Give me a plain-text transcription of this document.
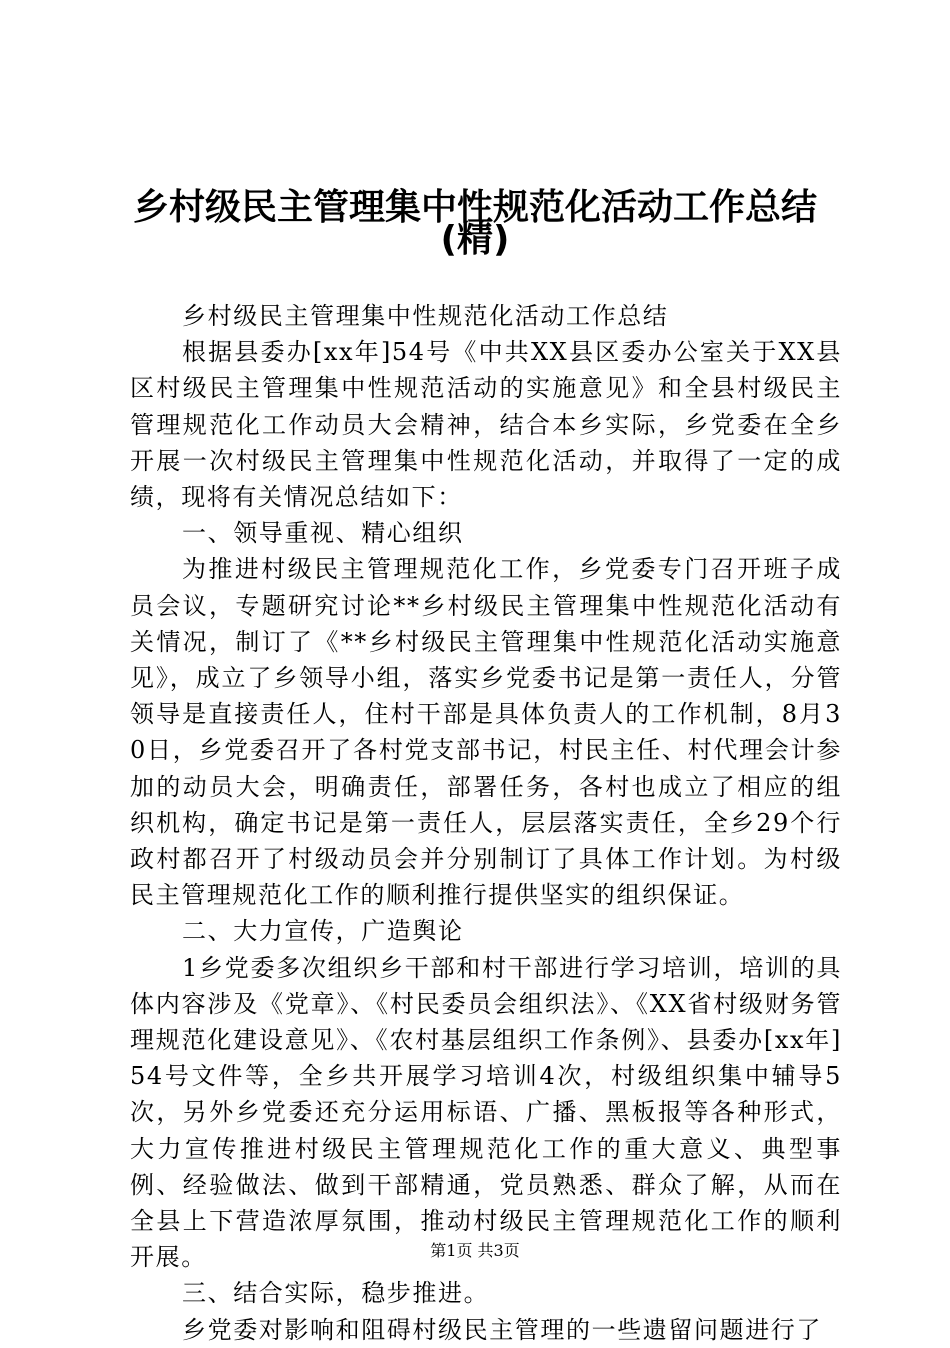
乡村级民主管理集中性规范化活动工作总结
(精)

乡村级民主管理集中性规范化活动工作总结

根据县委办[xx年]54号《中共XX县区委办公室关于XX县区村级民主管理集中性规范活动的实施意见》和全县村级民主管理规范化工作动员大会精神，结合本乡实际，乡党委在全乡开展一次村级民主管理集中性规范化活动，并取得了一定的成绩，现将有关情况总结如下：

一、领导重视、精心组织

为推进村级民主管理规范化工作，乡党委专门召开班子成员会议，专题研究讨论**乡村级民主管理集中性规范化活动有关情况，制订了《**乡村级民主管理集中性规范化活动实施意见》，成立了乡领导小组，落实乡党委书记是第一责任人，分管领导是直接责任人，住村干部是具体负责人的工作机制，8月30日，乡党委召开了各村党支部书记，村民主任、村代理会计参加的动员大会，明确责任，部署任务，各村也成立了相应的组织机构，确定书记是第一责任人，层层落实责任，全乡29个行政村都召开了村级动员会并分别制订了具体工作计划。为村级民主管理规范化工作的顺利推行提供坚实的组织保证。

二、大力宣传，广造舆论

1乡党委多次组织乡干部和村干部进行学习培训，培训的具体内容涉及《党章》、《村民委员会组织法》、《XX省村级财务管理规范化建设意见》、《农村基层组织工作条例》、县委办[xx年]54号文件等，全乡共开展学习培训4次，村级组织集中辅导5次，另外乡党委还充分运用标语、广播、黑板报等各种形式，大力宣传推进村级民主管理规范化工作的重大意义、典型事例、经验做法、做到干部精通，党员熟悉、群众了解，从而在全县上下营造浓厚氛围，推动村级民主管理规范化工作的顺利开展。

三、结合实际，稳步推进。

乡党委对影响和阻碍村级民主管理的一些遗留问题进行了

第1页 共3页
